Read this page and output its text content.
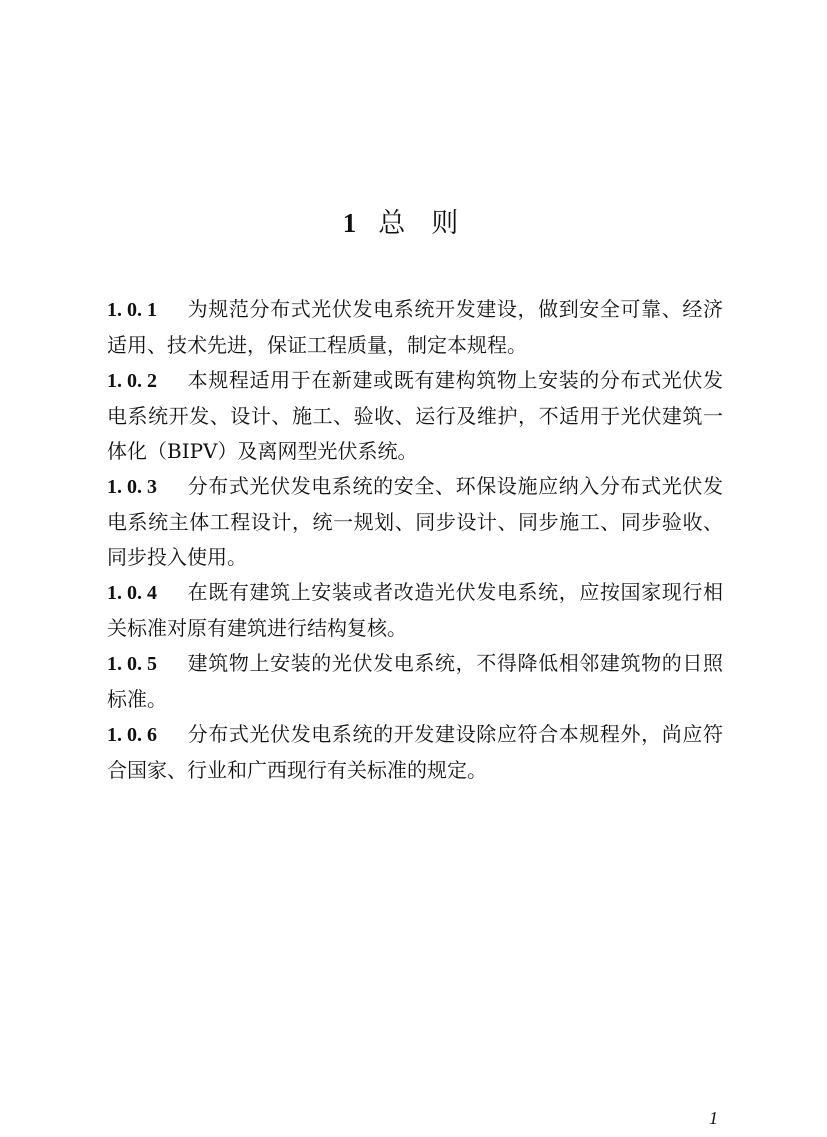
1 总则

1. 0. 1 为规范分布式光伏发电系统开发建设，做到安全可靠、经济适用、技术先进，保证工程质量，制定本规程。

1. 0. 2 本规程适用于在新建或既有建构筑物上安装的分布式光伏发电系统开发、设计、施工、验收、运行及维护，不适用于光伏建筑一体化（BIPV）及离网型光伏系统。

1. 0. 3 分布式光伏发电系统的安全、环保设施应纳入分布式光伏发电系统主体工程设计，统一规划、同步设计、同步施工、同步验收、同步投入使用。

1. 0. 4 在既有建筑上安装或者改造光伏发电系统，应按国家现行相关标准对原有建筑进行结构复核。

1. 0. 5 建筑物上安装的光伏发电系统，不得降低相邻建筑物的日照标准。

1. 0. 6 分布式光伏发电系统的开发建设除应符合本规程外，尚应符合国家、行业和广西现行有关标准的规定。

1
